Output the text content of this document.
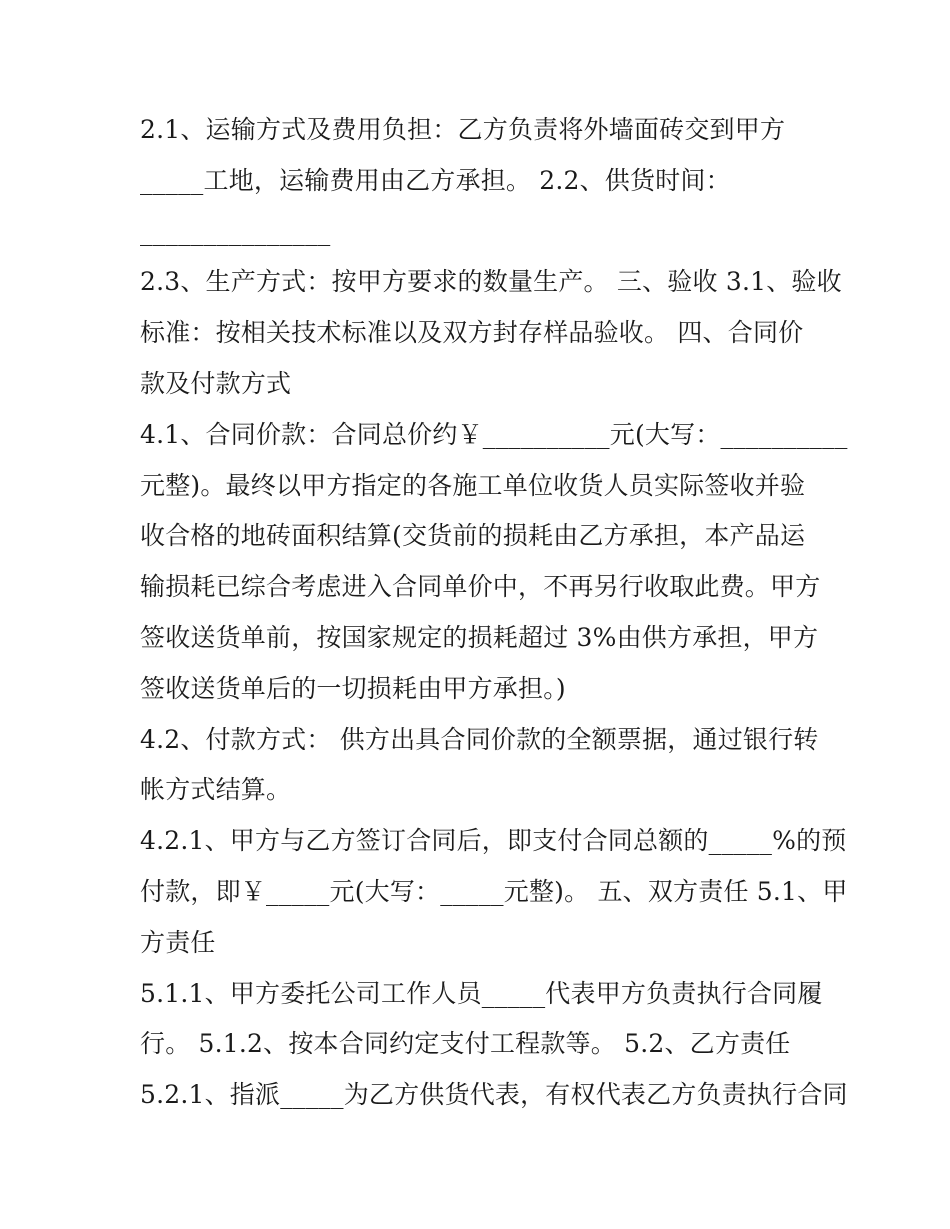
2.1、运输方式及费用负担：乙方负责将外墙面砖交到甲方
_____工地，运输费用由乙方承担。 2.2、供货时间：
_______________
2.3、生产方式：按甲方要求的数量生产。 三、验收 3.1、验收
标准：按相关技术标准以及双方封存样品验收。 四、合同价
款及付款方式
4.1、合同价款：合同总价约￥__________元(大写：__________
元整)。最终以甲方指定的各施工单位收货人员实际签收并验
收合格的地砖面积结算(交货前的损耗由乙方承担，本产品运
输损耗已综合考虑进入合同单价中，不再另行收取此费。甲方
签收送货单前，按国家规定的损耗超过 3%由供方承担，甲方
签收送货单后的一切损耗由甲方承担。)
4.2、付款方式： 供方出具合同价款的全额票据，通过银行转
帐方式结算。
4.2.1、甲方与乙方签订合同后，即支付合同总额的_____%的预
付款，即￥_____元(大写：_____元整)。 五、双方责任 5.1、甲
方责任
5.1.1、甲方委托公司工作人员_____代表甲方负责执行合同履
行。 5.1.2、按本合同约定支付工程款等。 5.2、乙方责任
5.2.1、指派_____为乙方供货代表，有权代表乙方负责执行合同
